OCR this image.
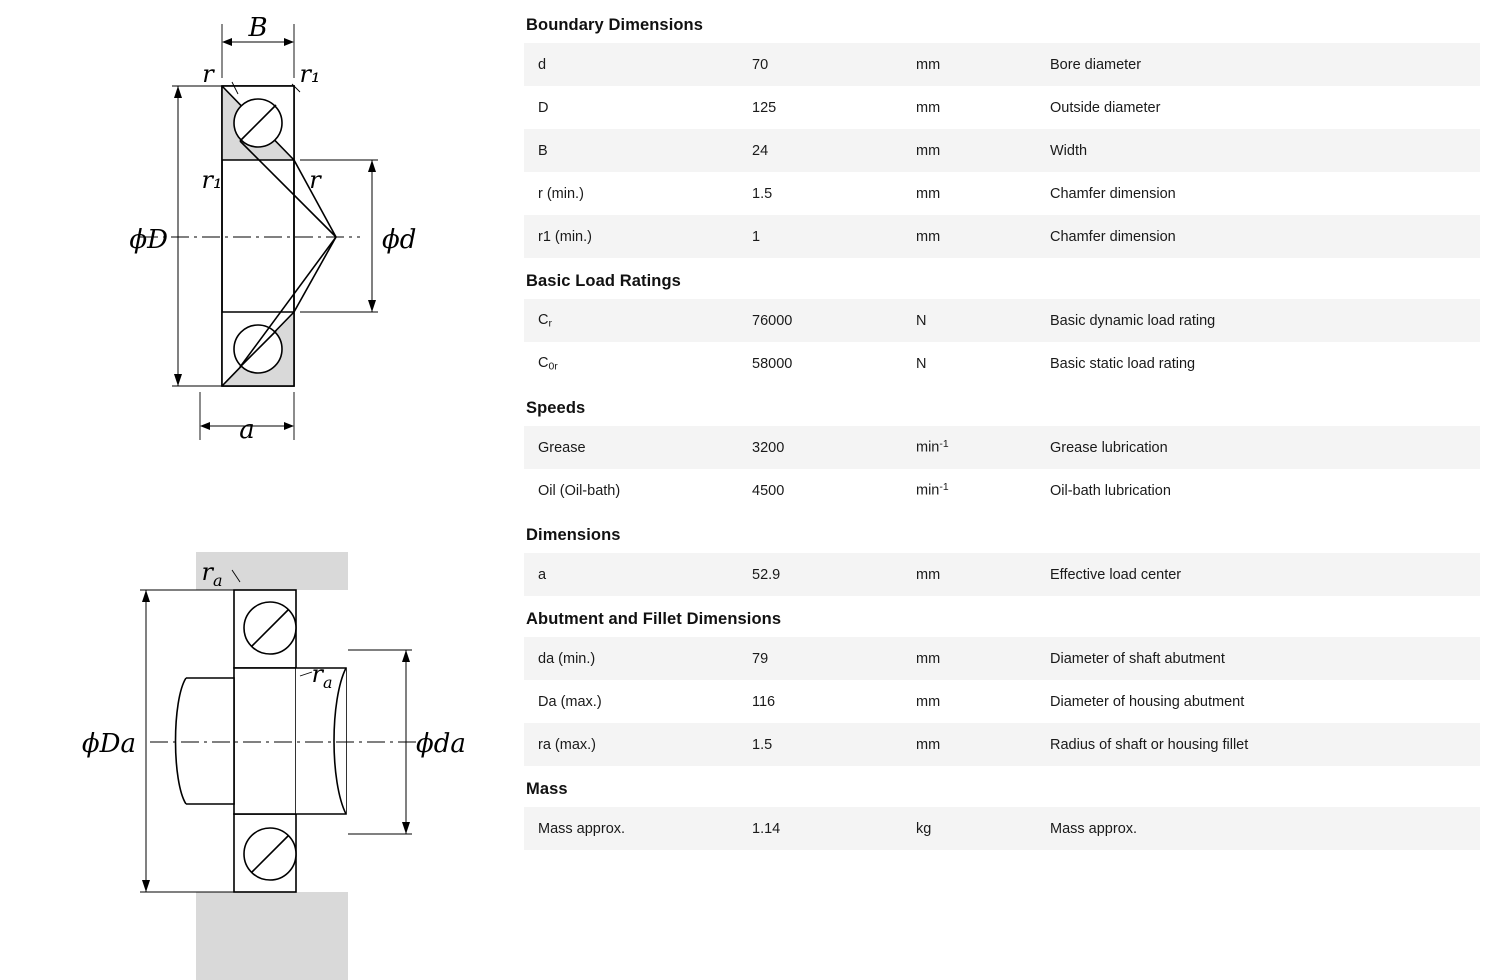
B
r	r₁
r₁	r
ϕD	ϕd
a
$r_a$
$r_a$
ϕDa	ϕda
Boundary Dimensions
d	70	mm	Bore diameter
D	125	mm	Outside diameter
B	24	mm	Width
r (min.)	1.5	mm	Chamfer dimension
r1 (min.)	1	mm	Chamfer dimension
Basic Load Ratings
$C_r$	76000	N	Basic dynamic load rating
$C_{0r}$	58000	N	Basic static load rating
Speeds
Grease	3200	$\min^{-1}$	Grease lubrication
Oil (Oil-bath)	4500	$\min^{-1}$	Oil-bath lubrication
Dimensions
a	52.9	mm	Effective load center
Abutment and Fillet Dimensions
da (min.)	79	mm	Diameter of shaft abutment
Da (max.)	116	mm	Diameter of housing abutment
ra (max.)	1.5	mm	Radius of shaft or housing fillet
Mass
Mass approx.	1.14	kg	Mass approx.
